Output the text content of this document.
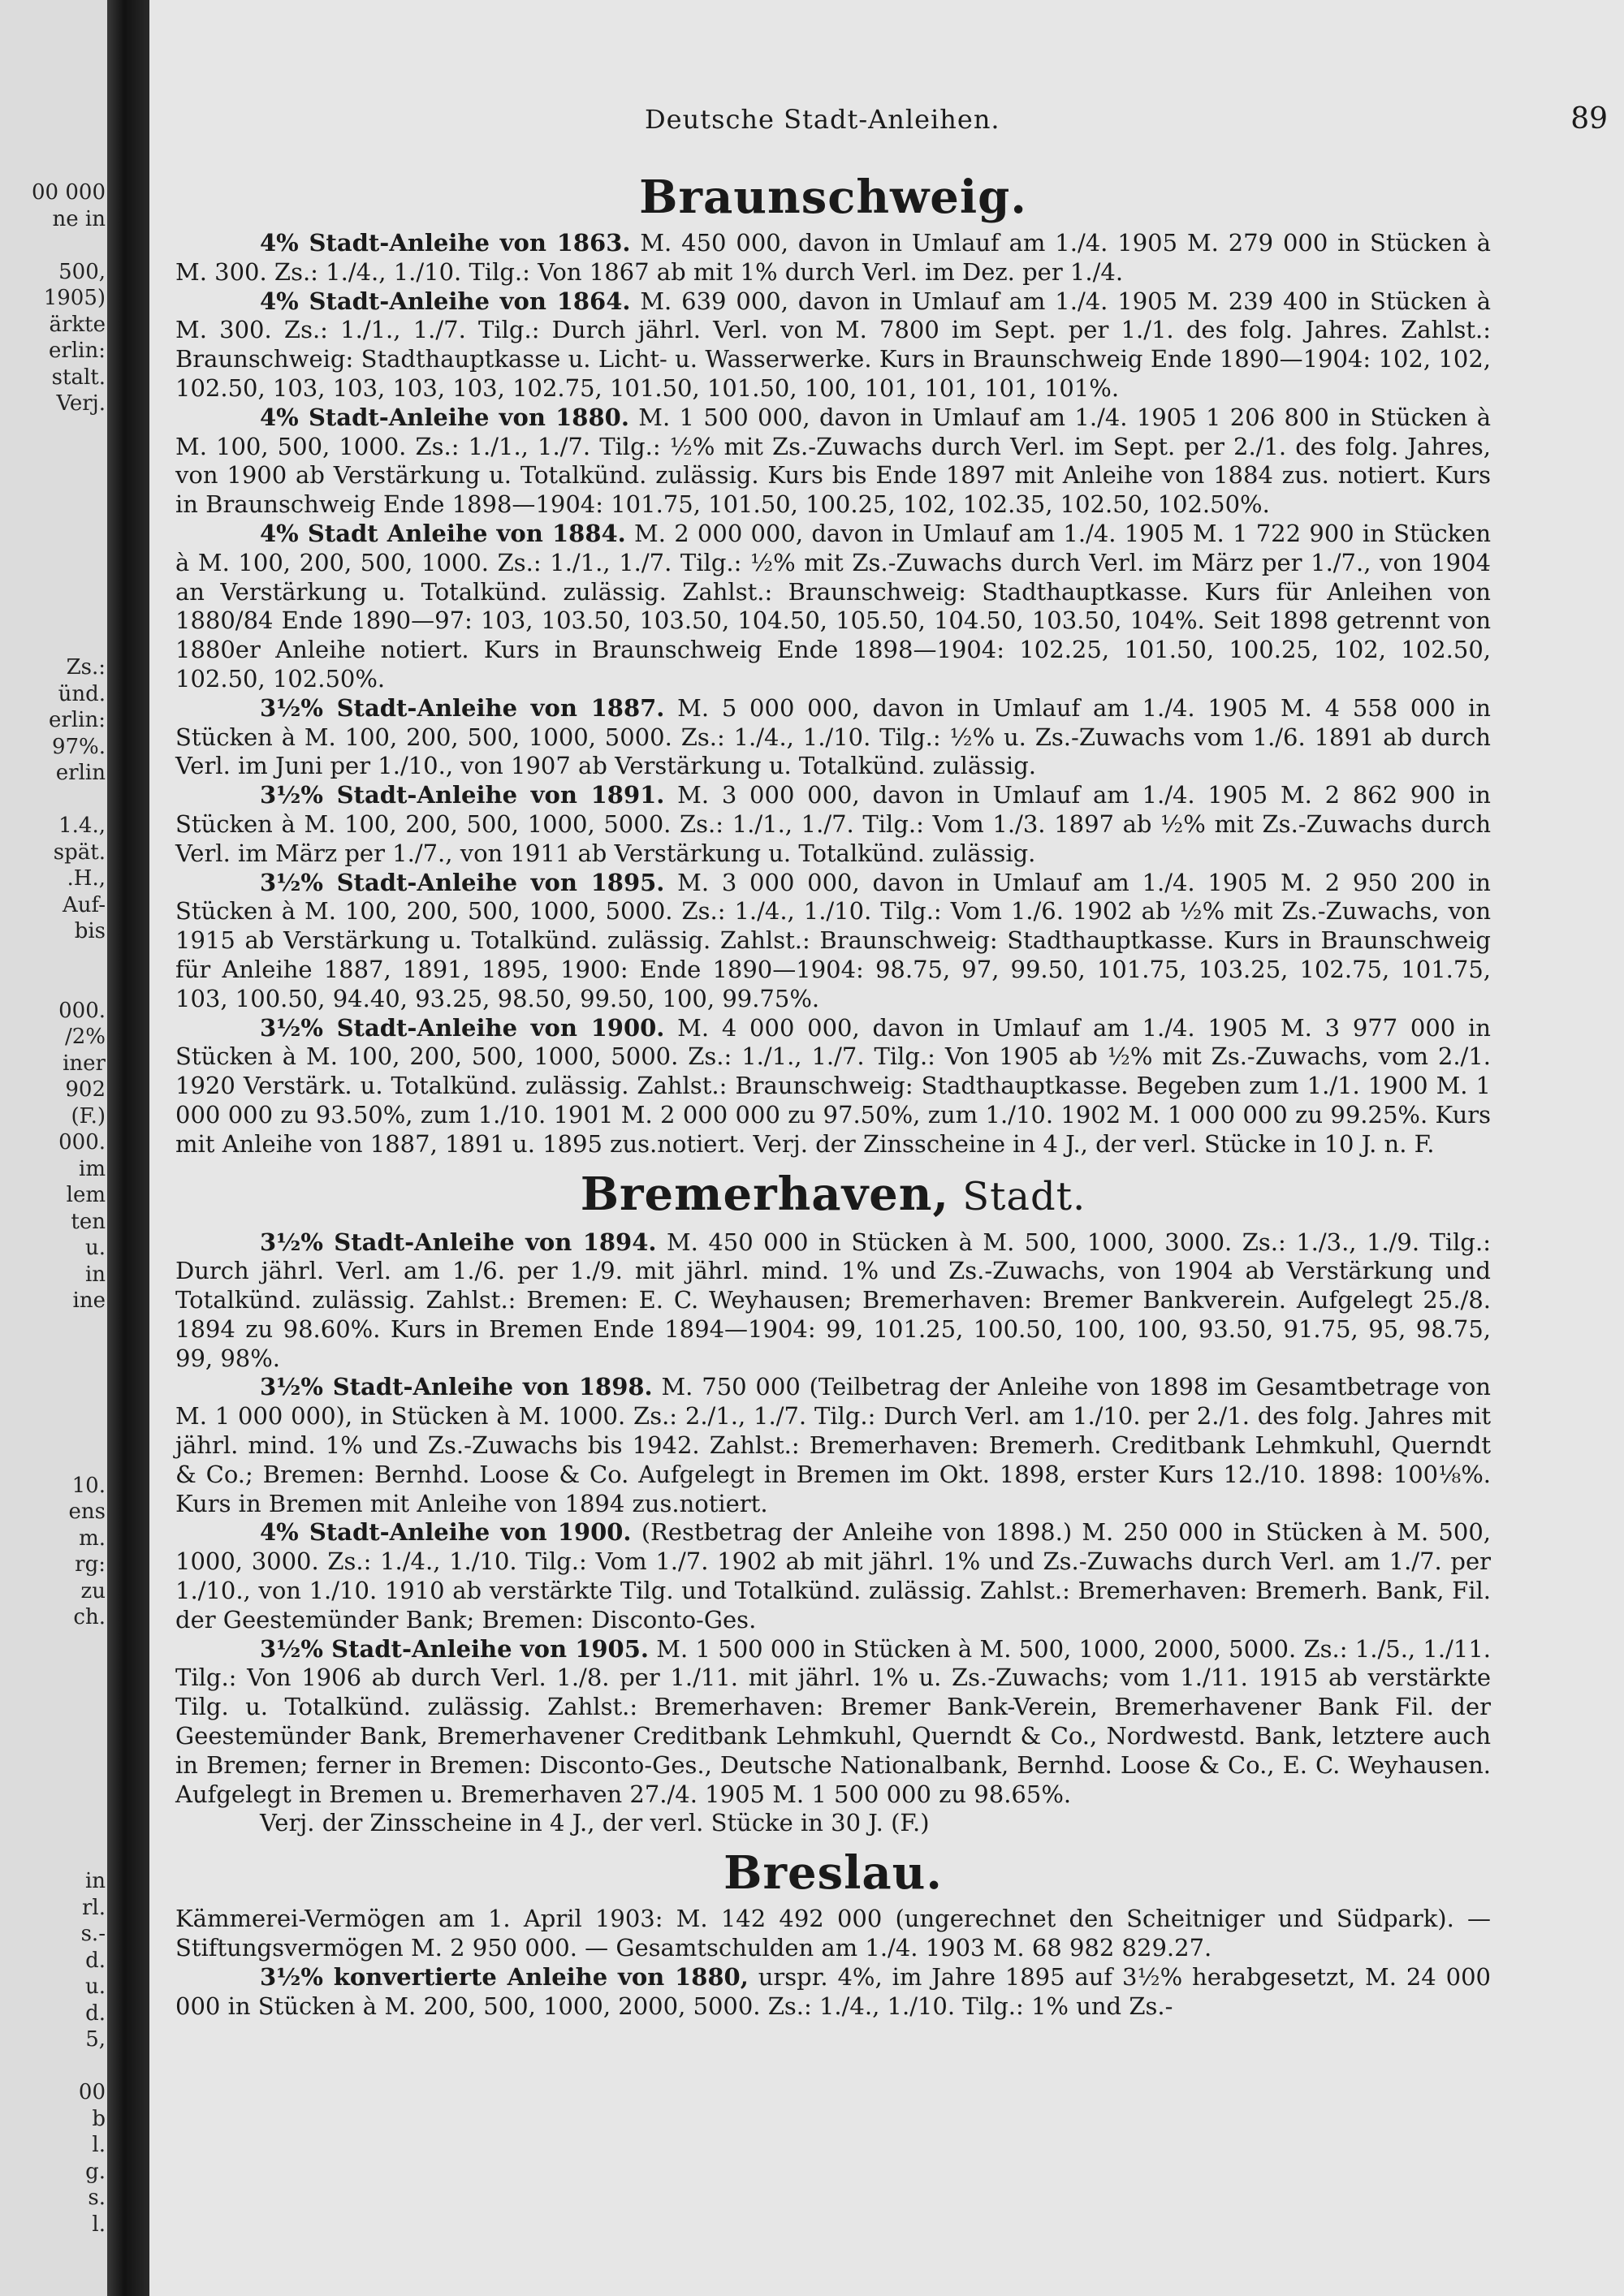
00 000
ne in
500,
1905)
ärkte
erlin:
stalt.
Verj.
Zs.:
ünd.
erlin:
97%.
erlin
1.4.,
spät.
.H.,
Auf-
bis
000.
/2%
iner
902
(F.)
000.
im
lem
ten
u.
in
ine
10.
ens
m.
rg:
zu
ch.
in
rl.
s.-
d.
u.
d.
5,
00
b
l.
g.
s.
l.
Deutsche Stadt-Anleihen.	89
Braunschweig.

4% Stadt-Anleihe von 1863. M. 450 000, davon in Umlauf am 1./4. 1905 M. 279 000 in Stücken à M. 300. Zs.: 1./4., 1./10. Tilg.: Von 1867 ab mit 1% durch Verl. im Dez. per 1./4.

4% Stadt-Anleihe von 1864. M. 639 000, davon in Umlauf am 1./4. 1905 M. 239 400 in Stücken à M. 300. Zs.: 1./1., 1./7. Tilg.: Durch jährl. Verl. von M. 7800 im Sept. per 1./1. des folg. Jahres. Zahlst.: Braunschweig: Stadthauptkasse u. Licht- u. Wasserwerke. Kurs in Braunschweig Ende 1890—1904: 102, 102, 102.50, 103, 103, 103, 103, 102.75, 101.50, 101.50, 100, 101, 101, 101, 101%.

4% Stadt-Anleihe von 1880. M. 1 500 000, davon in Umlauf am 1./4. 1905 1 206 800 in Stücken à M. 100, 500, 1000. Zs.: 1./1., 1./7. Tilg.: ½% mit Zs.-Zuwachs durch Verl. im Sept. per 2./1. des folg. Jahres, von 1900 ab Verstärkung u. Totalkünd. zulässig. Kurs bis Ende 1897 mit Anleihe von 1884 zus. notiert. Kurs in Braunschweig Ende 1898—1904: 101.75, 101.50, 100.25, 102, 102.35, 102.50, 102.50%.

4% Stadt Anleihe von 1884. M. 2 000 000, davon in Umlauf am 1./4. 1905 M. 1 722 900 in Stücken à M. 100, 200, 500, 1000. Zs.: 1./1., 1./7. Tilg.: ½% mit Zs.-Zuwachs durch Verl. im März per 1./7., von 1904 an Verstärkung u. Totalkünd. zulässig. Zahlst.: Braunschweig: Stadthauptkasse. Kurs für Anleihen von 1880/84 Ende 1890—97: 103, 103.50, 103.50, 104.50, 105.50, 104.50, 103.50, 104%. Seit 1898 getrennt von 1880er Anleihe notiert. Kurs in Braunschweig Ende 1898—1904: 102.25, 101.50, 100.25, 102, 102.50, 102.50, 102.50%.

3½% Stadt-Anleihe von 1887. M. 5 000 000, davon in Umlauf am 1./4. 1905 M. 4 558 000 in Stücken à M. 100, 200, 500, 1000, 5000. Zs.: 1./4., 1./10. Tilg.: ½% u. Zs.-Zuwachs vom 1./6. 1891 ab durch Verl. im Juni per 1./10., von 1907 ab Verstärkung u. Totalkünd. zulässig.

3½% Stadt-Anleihe von 1891. M. 3 000 000, davon in Umlauf am 1./4. 1905 M. 2 862 900 in Stücken à M. 100, 200, 500, 1000, 5000. Zs.: 1./1., 1./7. Tilg.: Vom 1./3. 1897 ab ½% mit Zs.-Zuwachs durch Verl. im März per 1./7., von 1911 ab Verstärkung u. Totalkünd. zulässig.

3½% Stadt-Anleihe von 1895. M. 3 000 000, davon in Umlauf am 1./4. 1905 M. 2 950 200 in Stücken à M. 100, 200, 500, 1000, 5000. Zs.: 1./4., 1./10. Tilg.: Vom 1./6. 1902 ab ½% mit Zs.-Zuwachs, von 1915 ab Verstärkung u. Totalkünd. zulässig. Zahlst.: Braunschweig: Stadthauptkasse. Kurs in Braunschweig für Anleihe 1887, 1891, 1895, 1900: Ende 1890—1904: 98.75, 97, 99.50, 101.75, 103.25, 102.75, 101.75, 103, 100.50, 94.40, 93.25, 98.50, 99.50, 100, 99.75%.

3½% Stadt-Anleihe von 1900. M. 4 000 000, davon in Umlauf am 1./4. 1905 M. 3 977 000 in Stücken à M. 100, 200, 500, 1000, 5000. Zs.: 1./1., 1./7. Tilg.: Von 1905 ab ½% mit Zs.-Zuwachs, vom 2./1. 1920 Verstärk. u. Totalkünd. zulässig. Zahlst.: Braunschweig: Stadthauptkasse. Begeben zum 1./1. 1900 M. 1 000 000 zu 93.50%, zum 1./10. 1901 M. 2 000 000 zu 97.50%, zum 1./10. 1902 M. 1 000 000 zu 99.25%. Kurs mit Anleihe von 1887, 1891 u. 1895 zus.notiert. Verj. der Zinsscheine in 4 J., der verl. Stücke in 10 J. n. F.

Bremerhaven, Stadt.

3½% Stadt-Anleihe von 1894. M. 450 000 in Stücken à M. 500, 1000, 3000. Zs.: 1./3., 1./9. Tilg.: Durch jährl. Verl. am 1./6. per 1./9. mit jährl. mind. 1% und Zs.-Zuwachs, von 1904 ab Verstärkung und Totalkünd. zulässig. Zahlst.: Bremen: E. C. Weyhausen; Bremerhaven: Bremer Bankverein. Aufgelegt 25./8. 1894 zu 98.60%. Kurs in Bremen Ende 1894—1904: 99, 101.25, 100.50, 100, 100, 93.50, 91.75, 95, 98.75, 99, 98%.

3½% Stadt-Anleihe von 1898. M. 750 000 (Teilbetrag der Anleihe von 1898 im Gesamtbetrage von M. 1 000 000), in Stücken à M. 1000. Zs.: 2./1., 1./7. Tilg.: Durch Verl. am 1./10. per 2./1. des folg. Jahres mit jährl. mind. 1% und Zs.-Zuwachs bis 1942. Zahlst.: Bremerhaven: Bremerh. Creditbank Lehmkuhl, Querndt & Co.; Bremen: Bernhd. Loose & Co. Aufgelegt in Bremen im Okt. 1898, erster Kurs 12./10. 1898: 100⅛%. Kurs in Bremen mit Anleihe von 1894 zus.notiert.

4% Stadt-Anleihe von 1900. (Restbetrag der Anleihe von 1898.) M. 250 000 in Stücken à M. 500, 1000, 3000. Zs.: 1./4., 1./10. Tilg.: Vom 1./7. 1902 ab mit jährl. 1% und Zs.-Zuwachs durch Verl. am 1./7. per 1./10., von 1./10. 1910 ab verstärkte Tilg. und Totalkünd. zulässig. Zahlst.: Bremerhaven: Bremerh. Bank, Fil. der Geestemünder Bank; Bremen: Disconto-Ges.

3½% Stadt-Anleihe von 1905. M. 1 500 000 in Stücken à M. 500, 1000, 2000, 5000. Zs.: 1./5., 1./11. Tilg.: Von 1906 ab durch Verl. 1./8. per 1./11. mit jährl. 1% u. Zs.-Zuwachs; vom 1./11. 1915 ab verstärkte Tilg. u. Totalkünd. zulässig. Zahlst.: Bremerhaven: Bremer Bank-Verein, Bremerhavener Bank Fil. der Geestemünder Bank, Bremerhavener Creditbank Lehmkuhl, Querndt & Co., Nordwestd. Bank, letztere auch in Bremen; ferner in Bremen: Disconto-Ges., Deutsche Nationalbank, Bernhd. Loose & Co., E. C. Weyhausen. Aufgelegt in Bremen u. Bremerhaven 27./4. 1905 M. 1 500 000 zu 98.65%.

Verj. der Zinsscheine in 4 J., der verl. Stücke in 30 J. (F.)

Breslau.

Kämmerei-Vermögen am 1. April 1903: M. 142 492 000 (ungerechnet den Scheitniger und Südpark). — Stiftungsvermögen M. 2 950 000. — Gesamtschulden am 1./4. 1903 M. 68 982 829.27.

3½% konvertierte Anleihe von 1880, urspr. 4%, im Jahre 1895 auf 3½% herabgesetzt, M. 24 000 000 in Stücken à M. 200, 500, 1000, 2000, 5000. Zs.: 1./4., 1./10. Tilg.: 1% und Zs.-
